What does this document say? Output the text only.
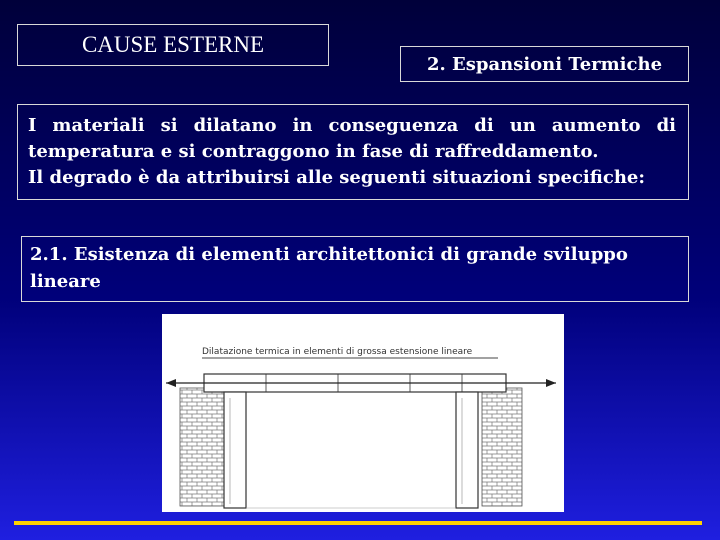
CAUSE ESTERNE
2. Espansioni Termiche

I materiali si dilatano in conseguenza di un aumento di

temperatura e si contraggono in fase di raffreddamento.

Il degrado è da attribuirsi alle seguenti situazioni specifiche:

2.1. Esistenza di elementi architettonici di grande sviluppo lineare
Dilatazione termica in elementi di grossa estensione lineare
